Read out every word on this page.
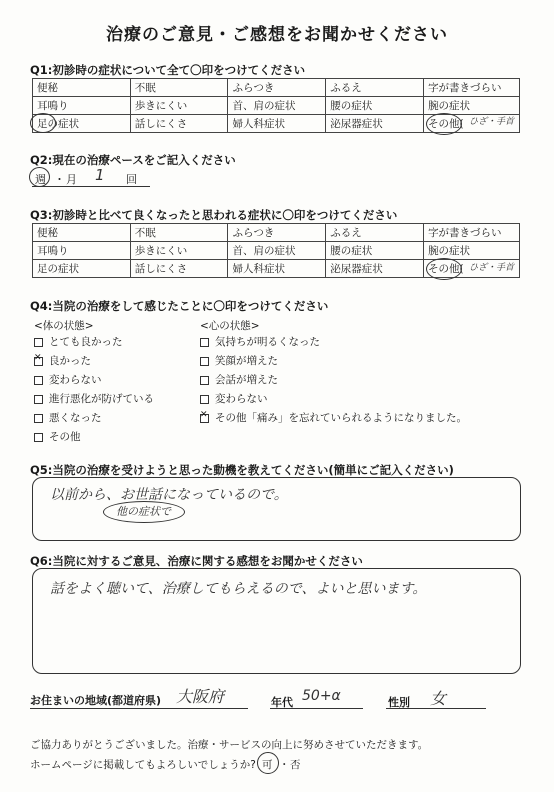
治療のご意見・ご感想をお聞かせください
Q1:初診時の症状について全て〇印をつけてください
便秘	不眠	ふらつき	ふるえ	字が書きづらい
耳鳴り	歩きにくい	首、肩の症状	腰の症状	腕の症状
足の症状	話しにくさ	婦人科症状	泌尿器症状	その他( ひざ・手首
Q2:現在の治療ペースをご記入ください
週 ・ 月 1 回
Q3:初診時と比べて良くなったと思われる症状に〇印をつけてください
便秘	不眠	ふらつき	ふるえ	字が書きづらい
耳鳴り	歩きにくい	首、肩の症状	腰の症状	腕の症状
足の症状	話しにくさ	婦人科症状	泌尿器症状	その他( ひざ・手首
Q4:当院の治療をして感じたことに〇印をつけてください
<体の状態>	<心の状態>
とても良かった
✕良かった
変わらない
進行悪化が防げている
悪くなった
その他
気持ちが明るくなった
笑顔が増えた
会話が増えた
変わらない
✕その他「痛み」を忘れていられるようになりました。
Q5:当院の治療を受けようと思った動機を教えてください(簡単にご記入ください)
以前から、お世話になっているので。
他の症状で
Q6:当院に対するご意見、治療に関する感想をお聞かせください
話をよく聴いて、治療してもらえるので、よいと思います。
お住まいの地域(都道府県) 大阪府	年代 50+α	性別 女
ご協力ありがとうございました。治療・サービスの向上に努めさせていただきます。
ホームページに掲載してもよろしいでしょうか? 可 ・ 否
